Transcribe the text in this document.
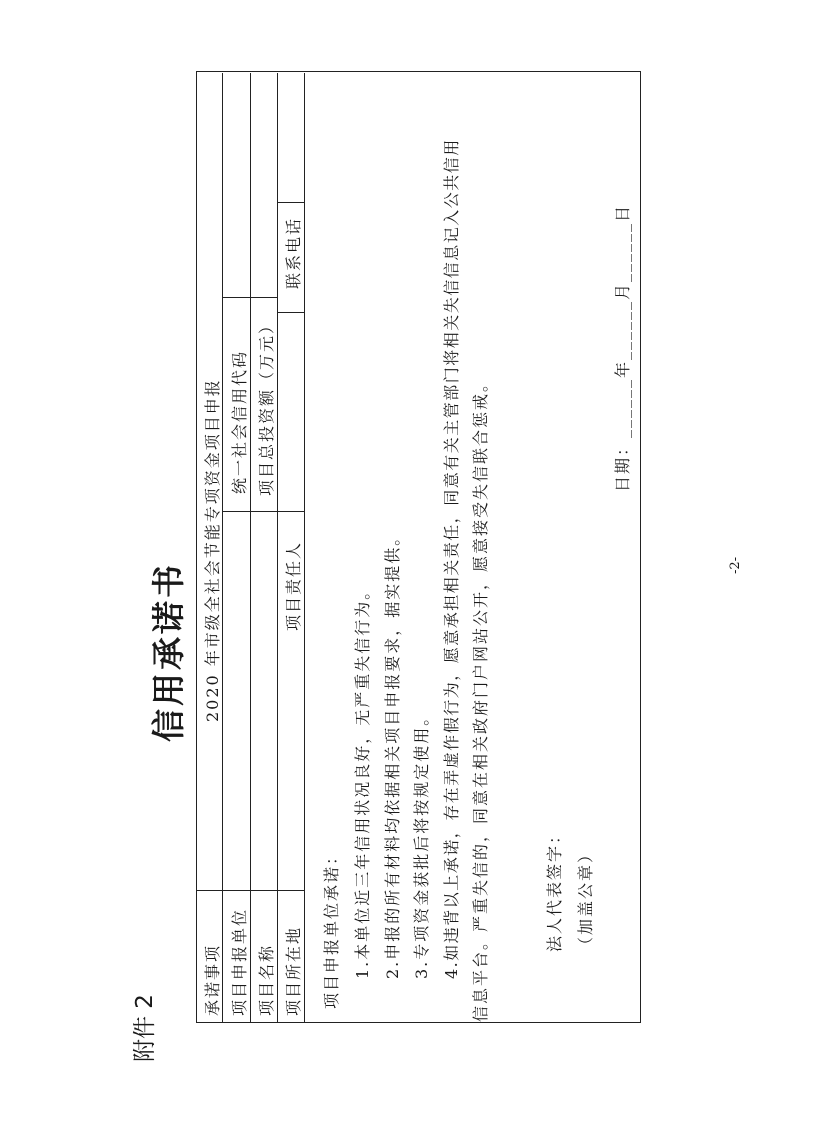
附件 2
信用承诺书
承诺事项
2020 年市级全社会节能专项资金项目申报
项目申报单位
统一社会信用代码
项目名称
项目总投资额（万元）
项目所在地
项目责任人
联系电话
项目申报单位承诺： 1.本单位近三年信用状况良好，无严重失信行为。 2.申报的所有材料均依据相关项目申报要求，据实提供。 3.专项资金获批后将按规定使用。 4.如违背以上承诺，存在弄虚作假行为，愿意承担相关责任，同意有关主管部门将相关失信信息记入公共信用 信息平台。严重失信的，同意在相关政府门户网站公开，愿意接受失信联合惩戒。	法人代表签字： （加盖公章）
日期：______年______月______日
-2-
